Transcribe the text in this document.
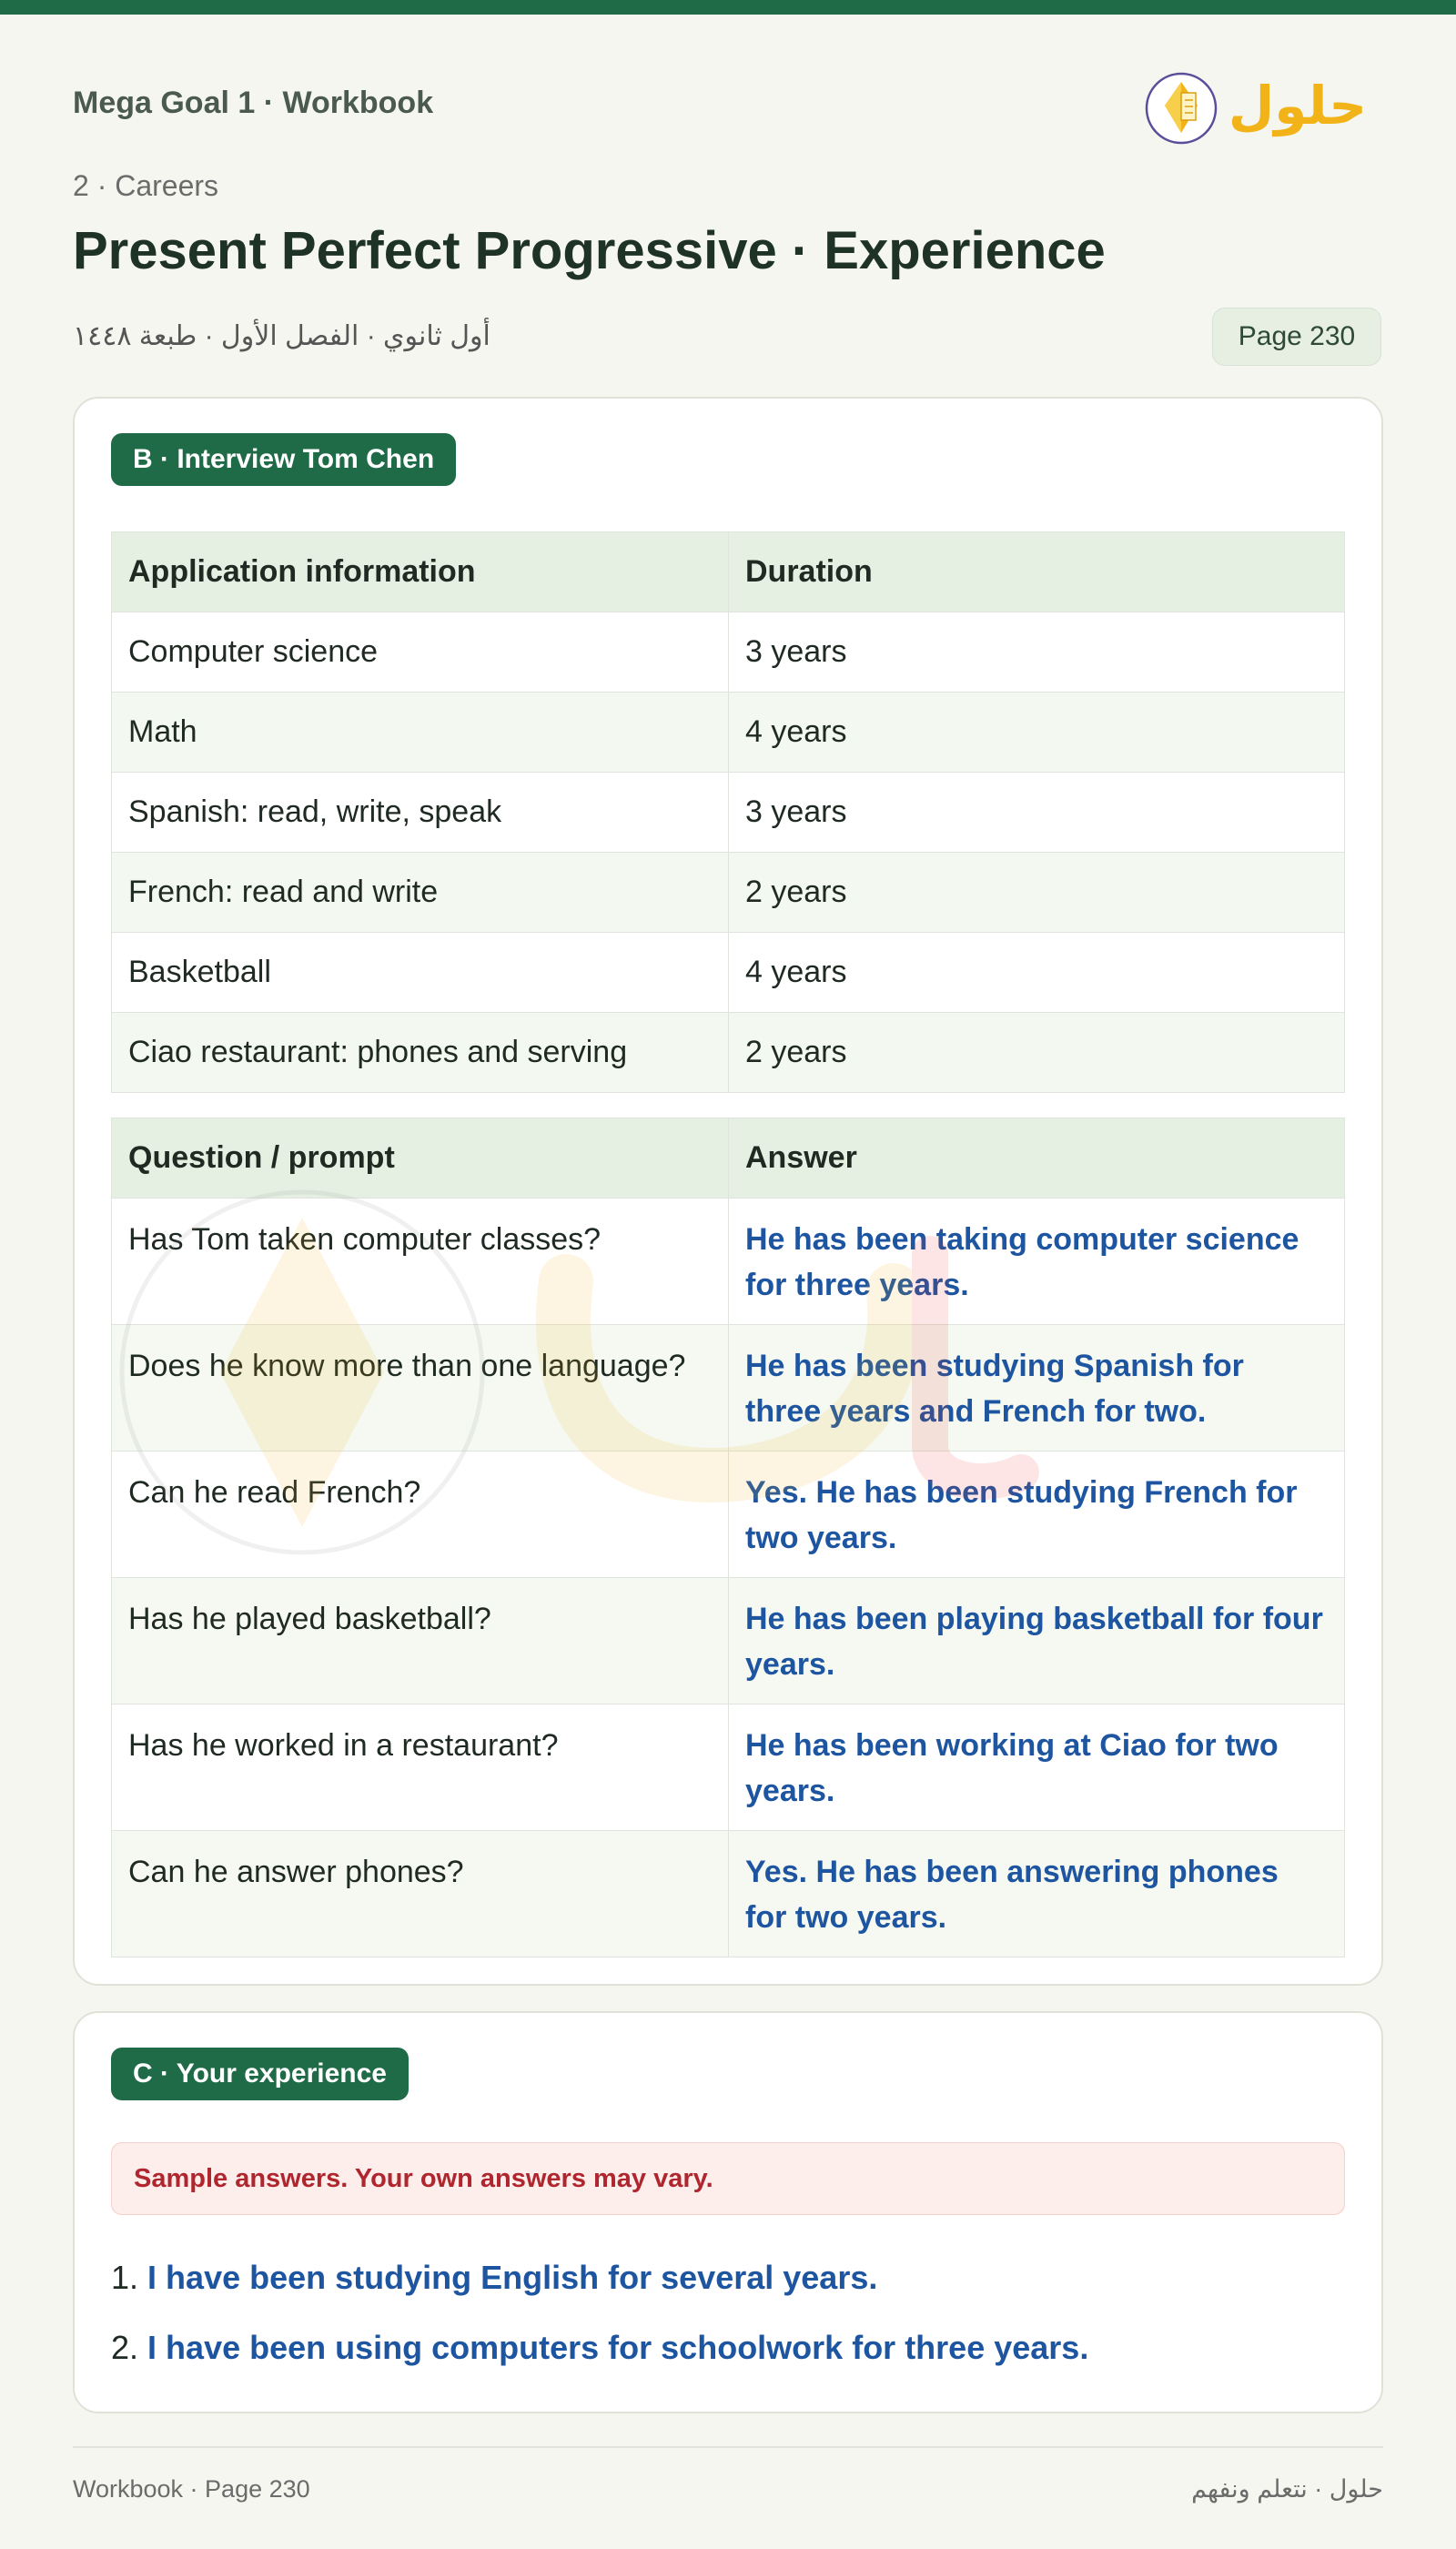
Mega Goal 1 · Workbook	حلول
2 · Careers
Present Perfect Progressive · Experience
أول ثانوي · الفصل الأول · طبعة ١٤٤٨	Page 230
B · Interview Tom Chen
Application information	Duration
Computer science	3 years
Math	4 years
Spanish: read, write, speak	3 years
French: read and write	2 years
Basketball	4 years
Ciao restaurant: phones and serving	2 years
Question / prompt	Answer
Has Tom taken computer classes?	He has been taking computer science for three years.
Does he know more than one language?	He has been studying Spanish for three years and French for two.
Can he read French?	Yes. He has been studying French for two years.
Has he played basketball?	He has been playing basketball for four years.
Has he worked in a restaurant?	He has been working at Ciao for two years.
Can he answer phones?	Yes. He has been answering phones for two years.
C · Your experience
Sample answers. Your own answers may vary.
1. I have been studying English for several years.
2. I have been using computers for schoolwork for three years.
Workbook · Page 230	حلول · نتعلم ونفهم
